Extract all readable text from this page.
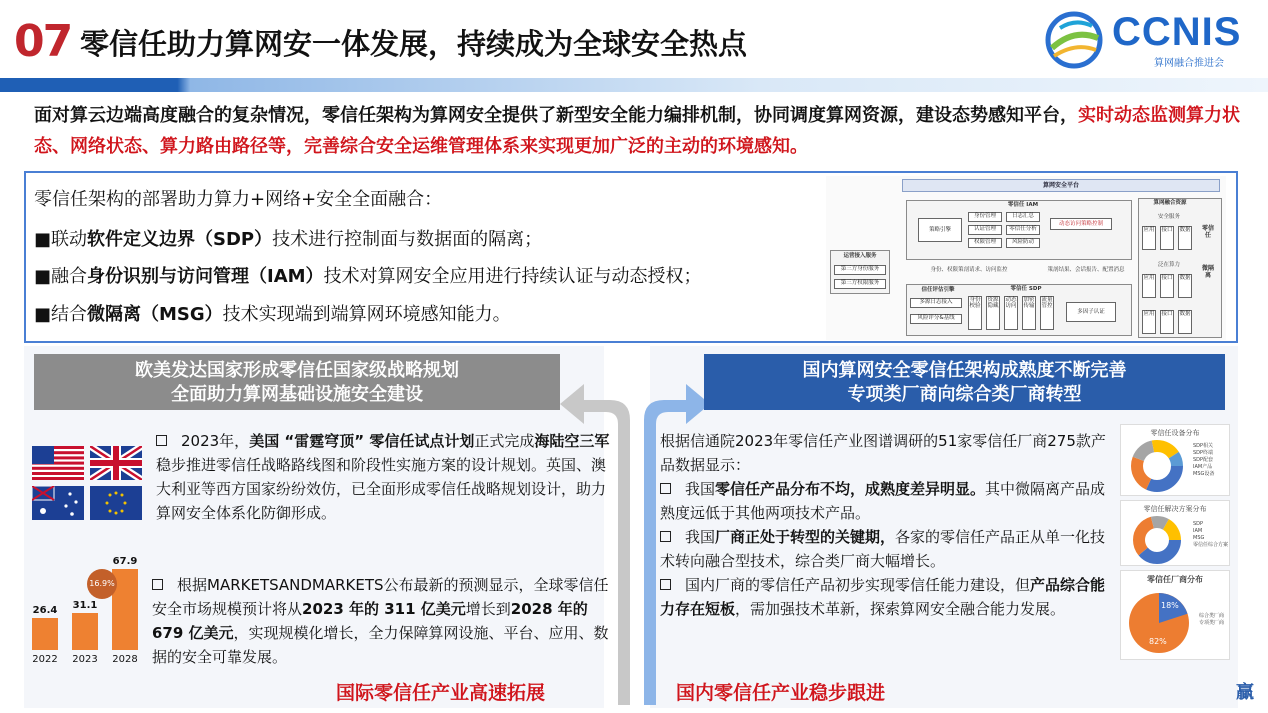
07 零信任助力算网安一体发展，持续成为全球安全热点	CCNIS
算网融合推进会
面对算云边端高度融合的复杂情况，零信任架构为算网安全提供了新型安全能力编排机制，协同调度算网资源，建设态势感知平台，实时动态监测算力状态、网络状态、算力路由路径等，完善综合安全运维管理体系来实现更加广泛的主动的环境感知。
零信任架构的部署助力算力+网络+安全全面融合：
■联动软件定义边界（SDP）技术进行控制面与数据面的隔离；
■融合身份识别与访问管理（IAM）技术对算网安全应用进行持续认证与动态授权；
■结合微隔离（MSG）技术实现端到端算网环境感知能力。
算网安全平台
零信任 IAM
策略引擎
身份管理	日志汇总
认证管理	零信任分析
权限管理	风险防动
动态访问策略控制
运营接入服务
第三方身份服务
第三方权限服务
身份、权限策剖请求、访问监控	策剖结果、会话报告、配置消息
信任评估引擎
多源日志接入
风险评分&基线
零信任 SDP
身份校验
资源隐藏
动态访问
加密传输
流量管控
多因子认证
算网融合资源
安全服务
应用 接口 数据
泛在算力
应用 接口 数据
应用 接口 数据
零信任
微隔离
欧美发达国家形成零信任国家级战略规划
全面助力算网基础设施安全建设
国内算网安全零信任架构成熟度不断完善
专项类厂商向综合类厂商转型
2023年，美国 “雷霆穹顶” 零信任试点计划正式完成海陆空三军稳步推进零信任战略路线图和阶段性实施方案的设计规划。英国、澳大利亚等西方国家纷纷效仿，已全面形成零信任战略规划设计，助力算网安全体系化防御形成。
根据MARKETSANDMARKETS公布最新的预测显示，全球零信任安全市场规模预计将从2023 年的 311 亿美元增长到2028 年的 679 亿美元，实现规模化增长，全力保障算网设施、平台、应用、数据的安全可靠发展。
26.4
2022
31.1
2023
67.9
2028
16.9%
国际零信任产业高速拓展
根据信通院2023年零信任产业图谱调研的51家零信任厂商275款产品数据显示：
我国零信任产品分布不均，成熟度差异明显。其中微隔离产品成熟度远低于其他两项技术产品。
我国厂商正处于转型的关键期，各家的零信任产品正从单一化技术转向融合型技术，综合类厂商大幅增长。
国内厂商的零信任产品初步实现零信任能力建设，但产品综合能力存在短板，需加强技术革新，探索算网安全融合能力发展。
国内零信任产业稳步跟进
零信任设备分布
SDP相关
SDP终端
SDP配套
IAM产品
MSG设备
零信任解决方案分布
SDP
IAM
MSG
零信任综合方案
零信任厂商分布
18%
82%
综合类厂商
专项类厂商
贏
